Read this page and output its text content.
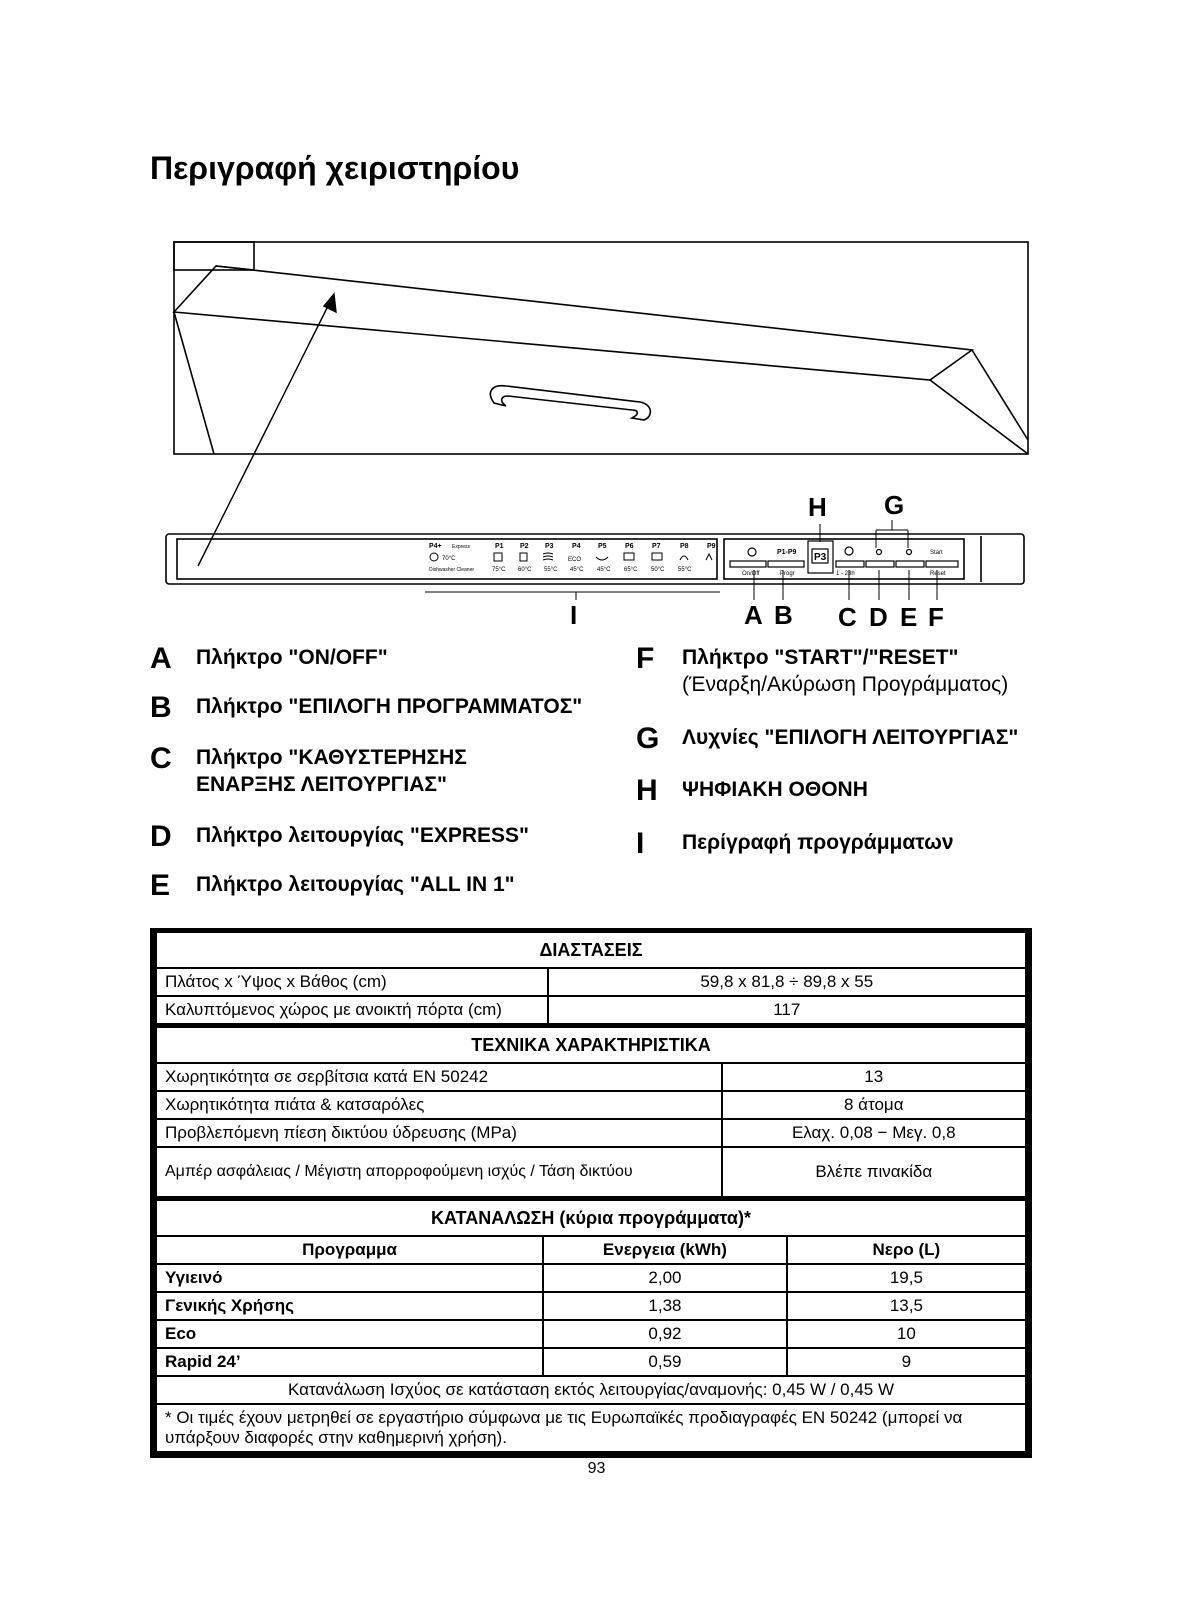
Περιγραφή χειριστηρίου
P4+ Express	P1 P2 P3	P4 P5	P6	P7	P8	P9
ECO
70°C
75°C 60°C 55°C 45°C 45°C 65°C 50°C 55°C
Dishwasher Cleaner
P1-P9
On/Off	Progr	1 - 23h
Start
Reset
P3
H G
I	A B C D E F
A	Πλήκτρο "ON/OFF"
B	Πλήκτρο "ΕΠΙΛΟΓΗ ΠΡΟΓΡΑΜΜΑΤΟΣ"
C	Πλήκτρο "ΚΑΘΥΣΤΕΡΗΣΗΣ
ΕΝΑΡΞΗΣ ΛΕΙΤΟΥΡΓΙΑΣ"
D	Πλήκτρο λειτουργίας "EXPRESS"
E	Πλήκτρο λειτουργίας "ALL IN 1"
F	Πλήκτρο "START"/"RESET"
(Έναρξη/Ακύρωση Προγράμματος)
G	Λυχνίες "ΕΠΙΛΟΓΗ ΛΕΙΤΟΥΡΓΙΑΣ"
H	ΨΗΦΙΑΚΗ ΟΘΟΝΗ
I	Περίγραφή προγράμματων
ΔΙΑΣΤΑΣΕΙΣ	
Πλάτος x Ύψος x Βάθος (cm)	59,8 x 81,8 ÷ 89,8 x 55
Καλυπτόμενος χώρος με ανοικτή πόρτα (cm)	117
ΤΕΧΝΙΚΑ ΧΑΡΑΚΤΗΡΙΣΤΙΚΑ	
Χωρητικότητα σε σερβίτσια κατά EN 50242	13
Χωρητικότητα πιάτα & κατσαρόλες	8 άτομα
Προβλεπόμενη πίεση δικτύου ύδρευσης (MPa)	Ελαχ. 0,08 − Μεγ. 0,8
Αμπέρ ασφάλειας / Μέγιστη απορροφούμενη ισχύς / Τάση δικτύου	Βλέπε πινακίδα
ΚΑΤΑΝΑΛΩΣΗ (κύρια προγράμματα)*		
Προγραμμα	Ενεργεια (kWh)	Νερο (L)
Υγιεινό	2,00	19,5
Γενικής Χρήσης	1,38	13,5
Eco	0,92	10
Rapid 24’	0,59	9
Κατανάλωση Ισχύος σε κατάσταση εκτός λειτουργίας/αναμονής: 0,45 W / 0,45 W		
* Οι τιμές έχουν μετρηθεί σε εργαστήριο σύμφωνα με τις Ευρωπαϊκές προδιαγραφές EN 50242 (μπορεί να υπάρξουν διαφορές στην καθημερινή χρήση).		
93
